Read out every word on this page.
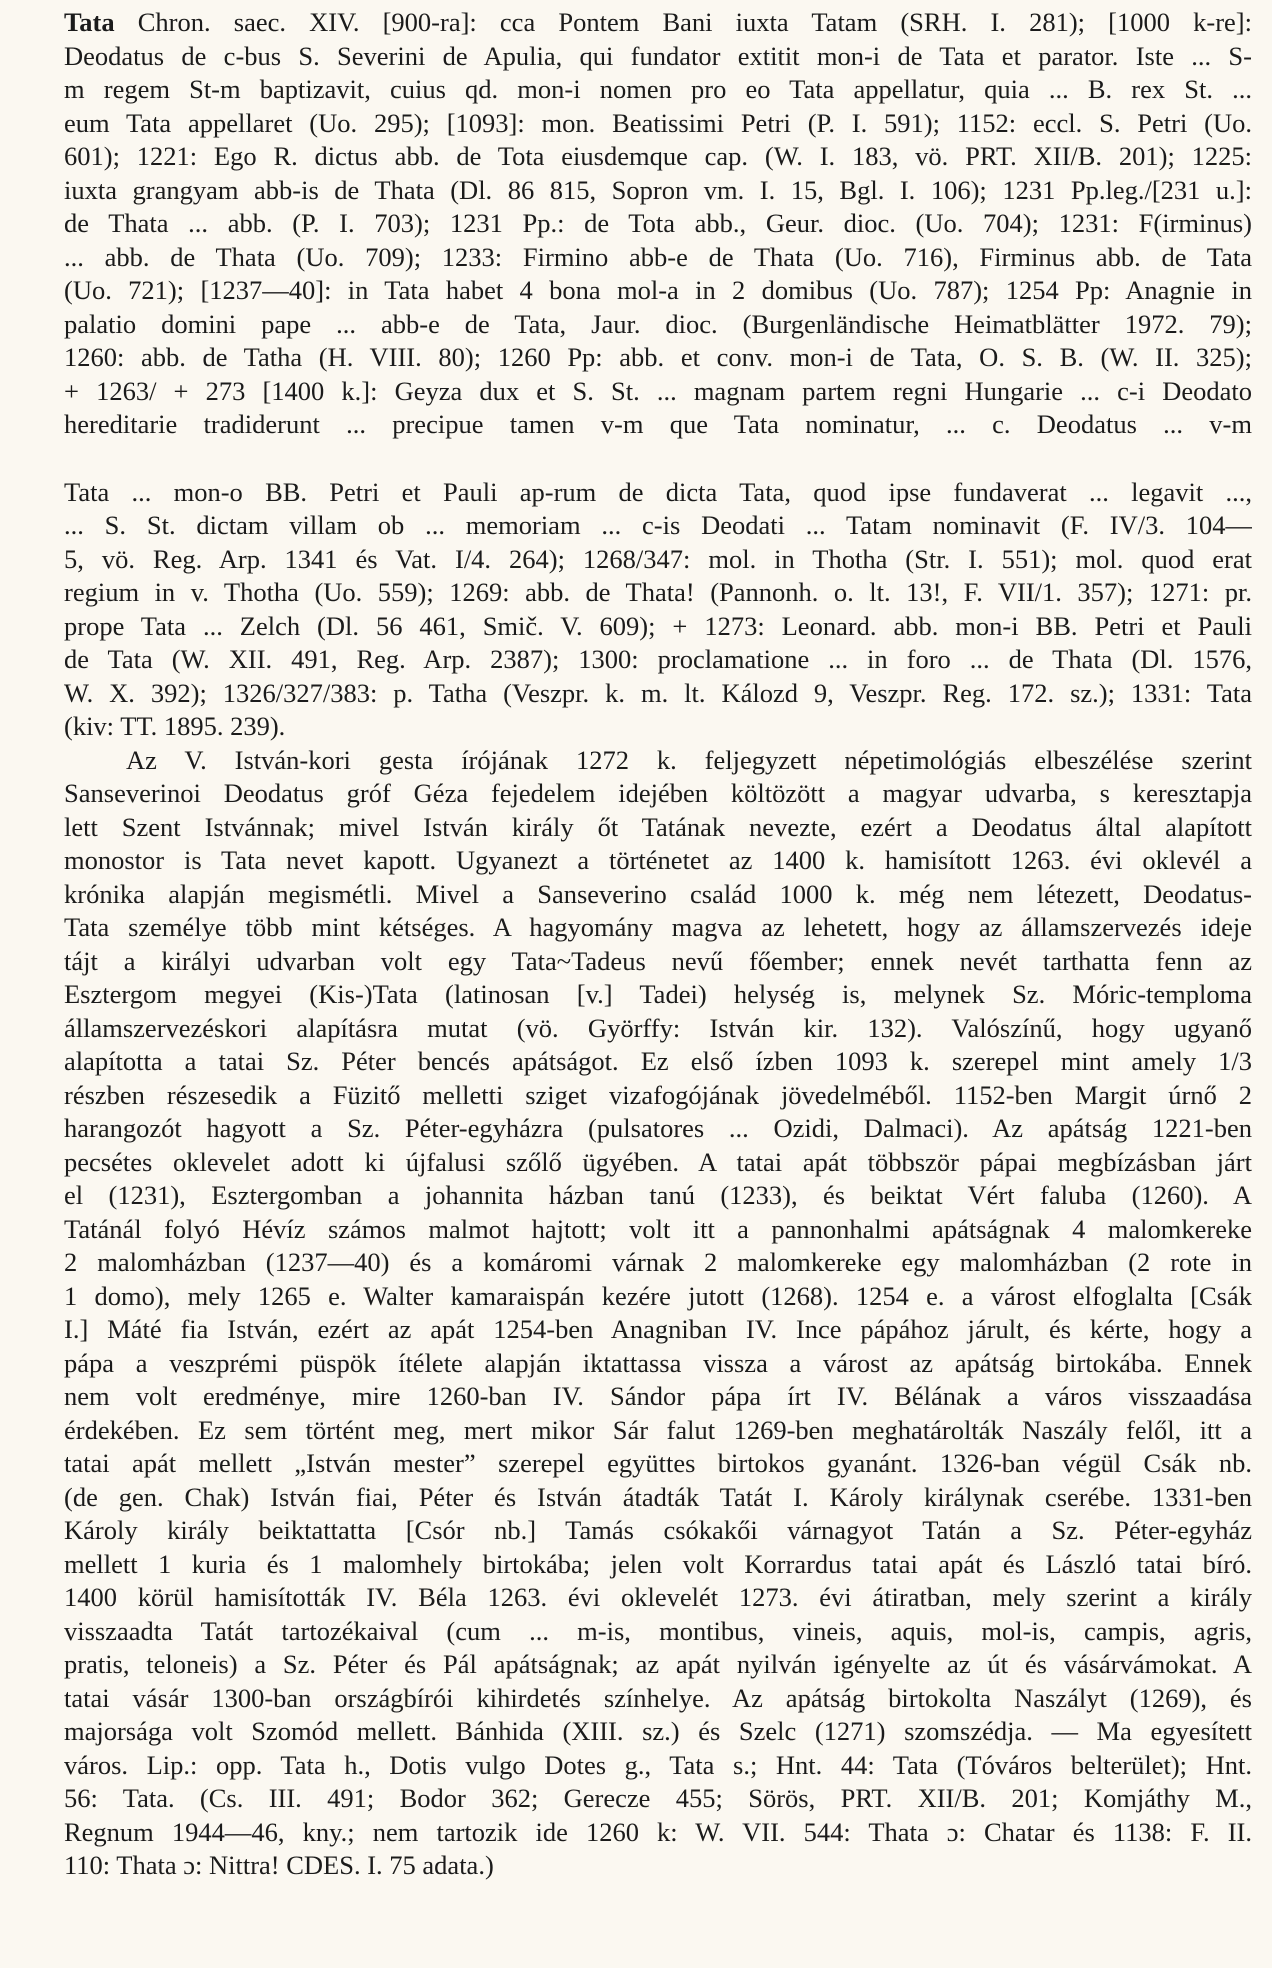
Tata Chron. saec. XIV. [900-ra]: cca Pontem Bani iuxta Tatam (SRH. I. 281); [1000 k-re]:
Deodatus de c-bus S. Severini de Apulia, qui fundator extitit mon-i de Tata et parator. Iste ... S-
m regem St-m baptizavit, cuius qd. mon-i nomen pro eo Tata appellatur, quia ... B. rex St. ...
eum Tata appellaret (Uo. 295); [1093]: mon. Beatissimi Petri (P. I. 591); 1152: eccl. S. Petri (Uo.
601); 1221: Ego R. dictus abb. de Tota eiusdemque cap. (W. I. 183, vö. PRT. XII/B. 201); 1225:
iuxta grangyam abb-is de Thata (Dl. 86 815, Sopron vm. I. 15, Bgl. I. 106); 1231 Pp.leg./[231 u.]:
de Thata ... abb. (P. I. 703); 1231 Pp.: de Tota abb., Geur. dioc. (Uo. 704); 1231: F(irminus)
... abb. de Thata (Uo. 709); 1233: Firmino abb-e de Thata (Uo. 716), Firminus abb. de Tata
(Uo. 721); [1237—40]: in Tata habet 4 bona mol-a in 2 domibus (Uo. 787); 1254 Pp: Anagnie in
palatio domini pape ... abb-e de Tata, Jaur. dioc. (Burgenländische Heimatblätter 1972. 79);
1260: abb. de Tatha (H. VIII. 80); 1260 Pp: abb. et conv. mon-i de Tata, O. S. B. (W. II. 325);
+ 1263/ + 273 [1400 k.]: Geyza dux et S. St. ... magnam partem regni Hungarie ... c-i Deodato
hereditarie tradiderunt ... precipue tamen v-m que Tata nominatur, ... c. Deodatus ... v-m
Tata ... mon-o BB. Petri et Pauli ap-rum de dicta Tata, quod ipse fundaverat ... legavit ...,
... S. St. dictam villam ob ... memoriam ... c-is Deodati ... Tatam nominavit (F. IV/3. 104—
5, vö. Reg. Arp. 1341 és Vat. I/4. 264); 1268/347: mol. in Thotha (Str. I. 551); mol. quod erat
regium in v. Thotha (Uo. 559); 1269: abb. de Thata! (Pannonh. o. lt. 13!, F. VII/1. 357); 1271: pr.
prope Tata ... Zelch (Dl. 56 461, Smič. V. 609); + 1273: Leonard. abb. mon-i BB. Petri et Pauli
de Tata (W. XII. 491, Reg. Arp. 2387); 1300: proclamatione ... in foro ... de Thata (Dl. 1576,
W. X. 392); 1326/327/383: p. Tatha (Veszpr. k. m. lt. Kálozd 9, Veszpr. Reg. 172. sz.); 1331: Tata
(kiv: TT. 1895. 239).
Az V. István-kori gesta írójának 1272 k. feljegyzett népetimológiás elbeszélése szerint
Sanseverinoi Deodatus gróf Géza fejedelem idejében költözött a magyar udvarba, s keresztapja
lett Szent Istvánnak; mivel István király őt Tatának nevezte, ezért a Deodatus által alapított
monostor is Tata nevet kapott. Ugyanezt a történetet az 1400 k. hamisított 1263. évi oklevél a
krónika alapján megismétli. Mivel a Sanseverino család 1000 k. még nem létezett, Deodatus-
Tata személye több mint kétséges. A hagyomány magva az lehetett, hogy az államszervezés ideje
tájt a királyi udvarban volt egy Tata~Tadeus nevű főember; ennek nevét tarthatta fenn az
Esztergom megyei (Kis-)Tata (latinosan [v.] Tadei) helység is, melynek Sz. Móric-temploma
államszervezéskori alapításra mutat (vö. Györffy: István kir. 132). Valószínű, hogy ugyanő
alapította a tatai Sz. Péter bencés apátságot. Ez első ízben 1093 k. szerepel mint amely 1/3
részben részesedik a Füzitő melletti sziget vizafogójának jövedelméből. 1152-ben Margit úrnő 2
harangozót hagyott a Sz. Péter-egyházra (pulsatores ... Ozidi, Dalmaci). Az apátság 1221-ben
pecsétes oklevelet adott ki újfalusi szőlő ügyében. A tatai apát többször pápai megbízásban járt
el (1231), Esztergomban a johannita házban tanú (1233), és beiktat Vért faluba (1260). A
Tatánál folyó Hévíz számos malmot hajtott; volt itt a pannonhalmi apátságnak 4 malomkereke
2 malomházban (1237—40) és a komáromi várnak 2 malomkereke egy malomházban (2 rote in
1 domo), mely 1265 e. Walter kamaraispán kezére jutott (1268). 1254 e. a várost elfoglalta [Csák
I.] Máté fia István, ezért az apát 1254-ben Anagniban IV. Ince pápához járult, és kérte, hogy a
pápa a veszprémi püspök ítélete alapján iktattassa vissza a várost az apátság birtokába. Ennek
nem volt eredménye, mire 1260-ban IV. Sándor pápa írt IV. Bélának a város visszaadása
érdekében. Ez sem történt meg, mert mikor Sár falut 1269-ben meghatárolták Naszály felől, itt a
tatai apát mellett „István mester” szerepel együttes birtokos gyanánt. 1326-ban végül Csák nb.
(de gen. Chak) István fiai, Péter és István átadták Tatát I. Károly királynak cserébe. 1331-ben
Károly király beiktattatta [Csór nb.] Tamás csókakői várnagyot Tatán a Sz. Péter-egyház
mellett 1 kuria és 1 malomhely birtokába; jelen volt Korrardus tatai apát és László tatai bíró.
1400 körül hamisították IV. Béla 1263. évi oklevelét 1273. évi átiratban, mely szerint a király
visszaadta Tatát tartozékaival (cum ... m-is, montibus, vineis, aquis, mol-is, campis, agris,
pratis, teloneis) a Sz. Péter és Pál apátságnak; az apát nyilván igényelte az út és vásárvámokat. A
tatai vásár 1300-ban országbírói kihirdetés színhelye. Az apátság birtokolta Naszályt (1269), és
majorsága volt Szomód mellett. Bánhida (XIII. sz.) és Szelc (1271) szomszédja. — Ma egyesített
város. Lip.: opp. Tata h., Dotis vulgo Dotes g., Tata s.; Hnt. 44: Tata (Tóváros belterület); Hnt.
56: Tata. (Cs. III. 491; Bodor 362; Gerecze 455; Sörös, PRT. XII/B. 201; Komjáthy M.,
Regnum 1944—46, kny.; nem tartozik ide 1260 k: W. VII. 544: Thata ɔ: Chatar és 1138: F. II.
110: Thata ɔ: Nittra! CDES. I. 75 adata.)
